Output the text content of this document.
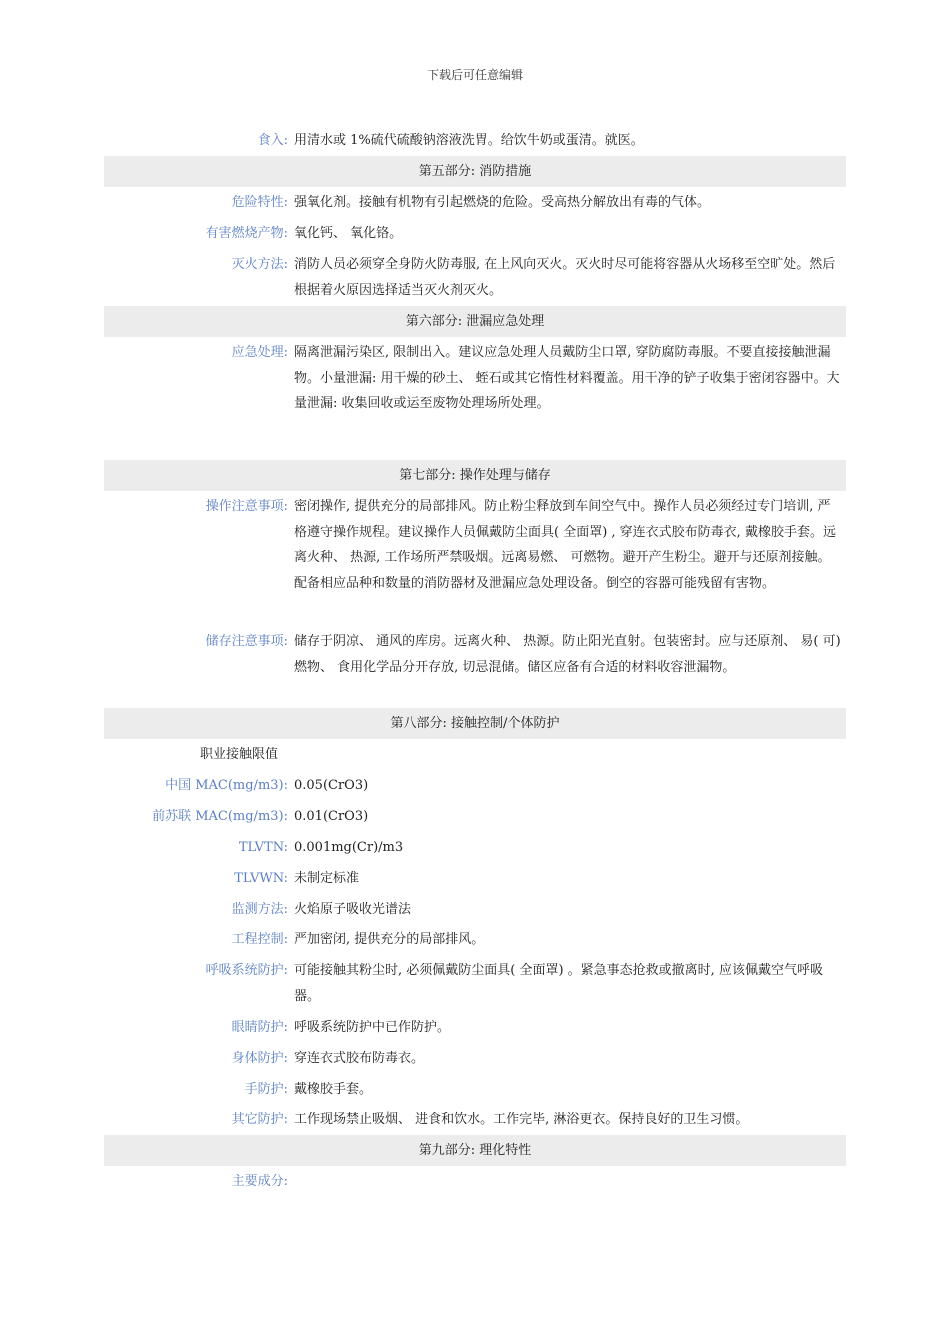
下载后可任意编辑
食入: 用清水或 1%硫代硫酸钠溶液洗胃。给饮牛奶或蛋清。就医。
第五部分: 消防措施
危险特性: 强氧化剂。接触有机物有引起燃烧的危险。受高热分解放出有毒的气体。
有害燃烧产物: 氧化钙、 氧化铬。
灭火方法: 消防人员必须穿全身防火防毒服, 在上风向灭火。灭火时尽可能将容器从火场移至空旷处。然后根据着火原因选择适当灭火剂灭火。
第六部分: 泄漏应急处理
应急处理: 隔离泄漏污染区, 限制出入。建议应急处理人员戴防尘口罩, 穿防腐防毒服。不要直接接触泄漏物。小量泄漏: 用干燥的砂土、 蛭石或其它惰性材料覆盖。用干净的铲子收集于密闭容器中。大量泄漏: 收集回收或运至废物处理场所处理。
第七部分: 操作处理与储存
操作注意事项: 密闭操作, 提供充分的局部排风。防止粉尘释放到车间空气中。操作人员必须经过专门培训, 严格遵守操作规程。建议操作人员佩戴防尘面具( 全面罩) , 穿连衣式胶布防毒衣, 戴橡胶手套。远离火种、 热源, 工作场所严禁吸烟。远离易燃、 可燃物。避开产生粉尘。避开与还原剂接触。配备相应品种和数量的消防器材及泄漏应急处理设备。倒空的容器可能残留有害物。
储存注意事项: 储存于阴凉、 通风的库房。远离火种、 热源。防止阳光直射。包装密封。应与还原剂、 易( 可) 燃物、 食用化学品分开存放, 切忌混储。储区应备有合适的材料收容泄漏物。
第八部分: 接触控制/个体防护
职业接触限值
中国 MAC(mg/m3): 0.05(CrO3)
前苏联 MAC(mg/m3): 0.01(CrO3)
TLVTN: 0.001mg(Cr)/m3
TLVWN: 未制定标准
监测方法: 火焰原子吸收光谱法
工程控制: 严加密闭, 提供充分的局部排风。
呼吸系统防护: 可能接触其粉尘时, 必须佩戴防尘面具( 全面罩) 。紧急事态抢救或撤离时, 应该佩戴空气呼吸器。
眼睛防护: 呼吸系统防护中已作防护。
身体防护: 穿连衣式胶布防毒衣。
手防护: 戴橡胶手套。
其它防护: 工作现场禁止吸烟、 进食和饮水。工作完毕, 淋浴更衣。保持良好的卫生习惯。
第九部分: 理化特性
主要成分:
